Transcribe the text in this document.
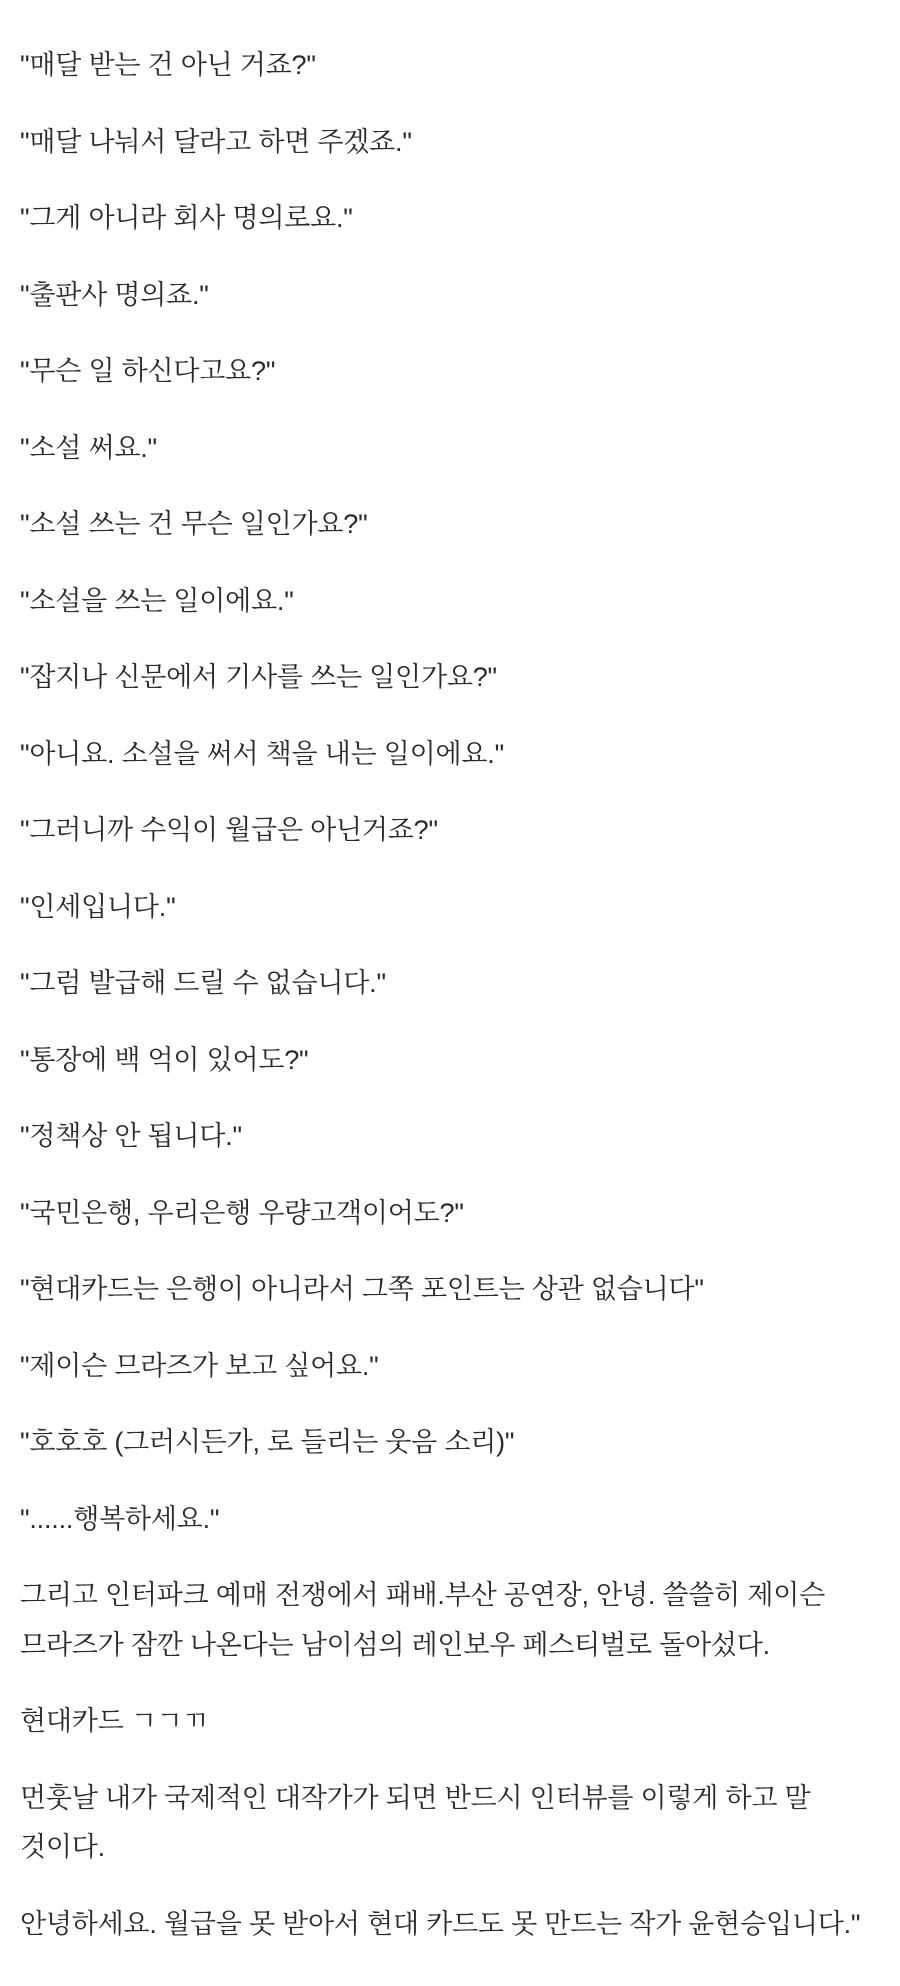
"매달 받는 건 아닌 거죠?"

"매달 나눠서 달라고 하면 주겠죠."

"그게 아니라 회사 명의로요."

"출판사 명의죠."

"무슨 일 하신다고요?"

"소설 써요."

"소설 쓰는 건 무슨 일인가요?"

"소설을 쓰는 일이에요."

"잡지나 신문에서 기사를 쓰는 일인가요?"

"아니요. 소설을 써서 책을 내는 일이에요."

"그러니까 수익이 월급은 아닌거죠?"

"인세입니다."

"그럼 발급해 드릴 수 없습니다."

"통장에 백 억이 있어도?"

"정책상 안 됩니다."

"국민은행, 우리은행 우량고객이어도?"

"현대카드는 은행이 아니라서 그쪽 포인트는 상관 없습니다"

"제이슨 므라즈가 보고 싶어요."

"호호호 (그러시든가, 로 들리는 웃음 소리)"

"......행복하세요."

그리고 인터파크 예매 전쟁에서 패배.부산 공연장, 안녕. 쓸쓸히 제이슨 므라즈가 잠깐 나온다는 남이섬의 레인보우 페스티벌로 돌아섰다.

현대카드 ㄱㄱㄲ

먼훗날 내가 국제적인 대작가가 되면 반드시 인터뷰를 이렇게 하고 말 것이다.

안녕하세요. 월급을 못 받아서 현대 카드도 못 만드는 작가 윤현승입니다."
